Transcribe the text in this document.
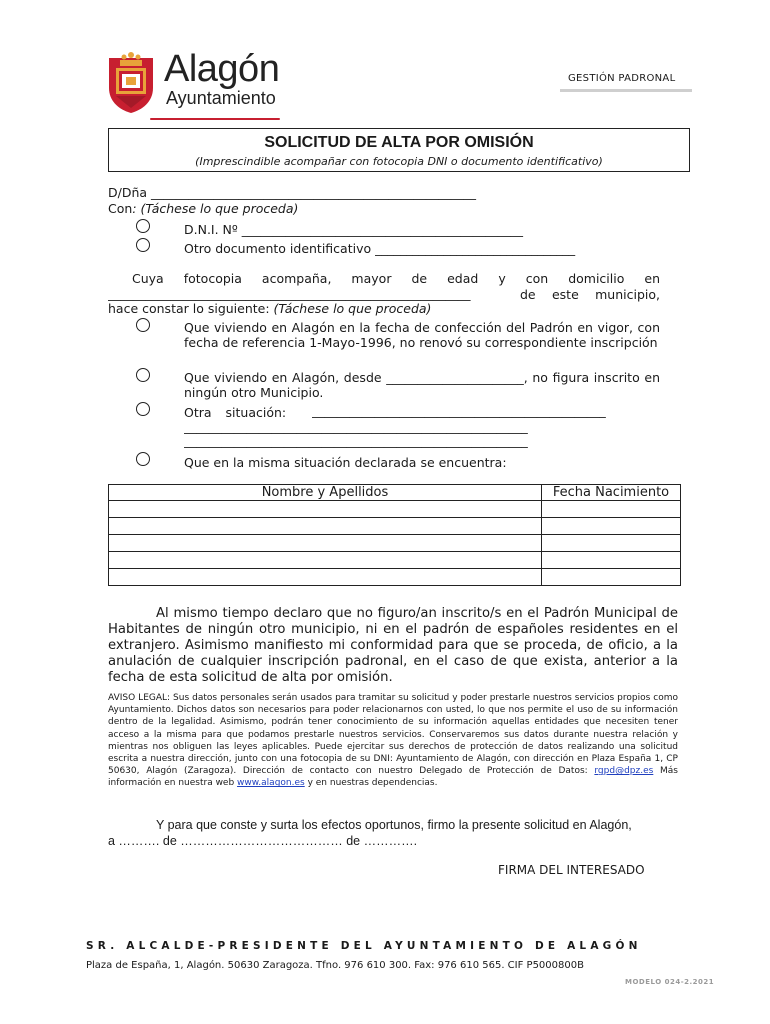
Alagón
Ayuntamiento
GESTIÓN PADRONAL
SOLICITUD DE ALTA POR OMISIÓN
(Imprescindible acompañar con fotocopia DNI o documento identificativo)
D/Dña ____________________________________________________
Con: (Táchese lo que proceda)
D.N.I. Nº _____________________________________________
Otro documento identificativo ________________________________
Cuya fotocopia acompaña, mayor de edad y con domicilio en
__________________________________________________________	de este municipio,
hace constar lo siguiente: (Táchese lo que proceda)
Que viviendo en Alagón en la fecha de confección del Padrón en vigor, con fecha de referencia 1-Mayo-1996, no renovó su correspondiente inscripción
Que viviendo en Alagón, desde ______________________, no figura inscrito en ningún otro Municipio.
Otra situación: _______________________________________________
_______________________________________________________
_______________________________________________________
Que en la misma situación declarada se encuentra:
Nombre y Apellidos	Fecha Nacimiento

Al mismo tiempo declaro que no figuro/an inscrito/s en el Padrón Municipal de Habitantes de ningún otro municipio, ni en el padrón de españoles residentes en el extranjero. Asimismo manifiesto mi conformidad para que se proceda, de oficio, a la anulación de cualquier inscripción padronal, en el caso de que exista, anterior a la fecha de esta solicitud de alta por omisión.
AVISO LEGAL: Sus datos personales serán usados para tramitar su solicitud y poder prestarle nuestros servicios propios como Ayuntamiento. Dichos datos son necesarios para poder relacionarnos con usted, lo que nos permite el uso de su información dentro de la legalidad. Asimismo, podrán tener conocimiento de su información aquellas entidades que necesiten tener acceso a la misma para que podamos prestarle nuestros servicios. Conservaremos sus datos durante nuestra relación y mientras nos obliguen las leyes aplicables. Puede ejercitar sus derechos de protección de datos realizando una solicitud escrita a nuestra dirección, junto con una fotocopia de su DNI: Ayuntamiento de Alagón, con dirección en Plaza España 1, CP 50630, Alagón (Zaragoza). Dirección de contacto con nuestro Delegado de Protección de Datos: rgpd@dpz.es Más información en nuestra web www.alagon.es y en nuestras dependencias.
Y para que conste y surta los efectos oportunos, firmo la presente solicitud en Alagón,
a ………. de ………………………………… de ………….
FIRMA DEL INTERESADO
SR. ALCALDE-PRESIDENTE DEL AYUNTAMIENTO DE ALAGÓN
Plaza de España, 1, Alagón. 50630 Zaragoza. Tfno. 976 610 300. Fax: 976 610 565. CIF P5000800B
MODELO 024-2.2021
